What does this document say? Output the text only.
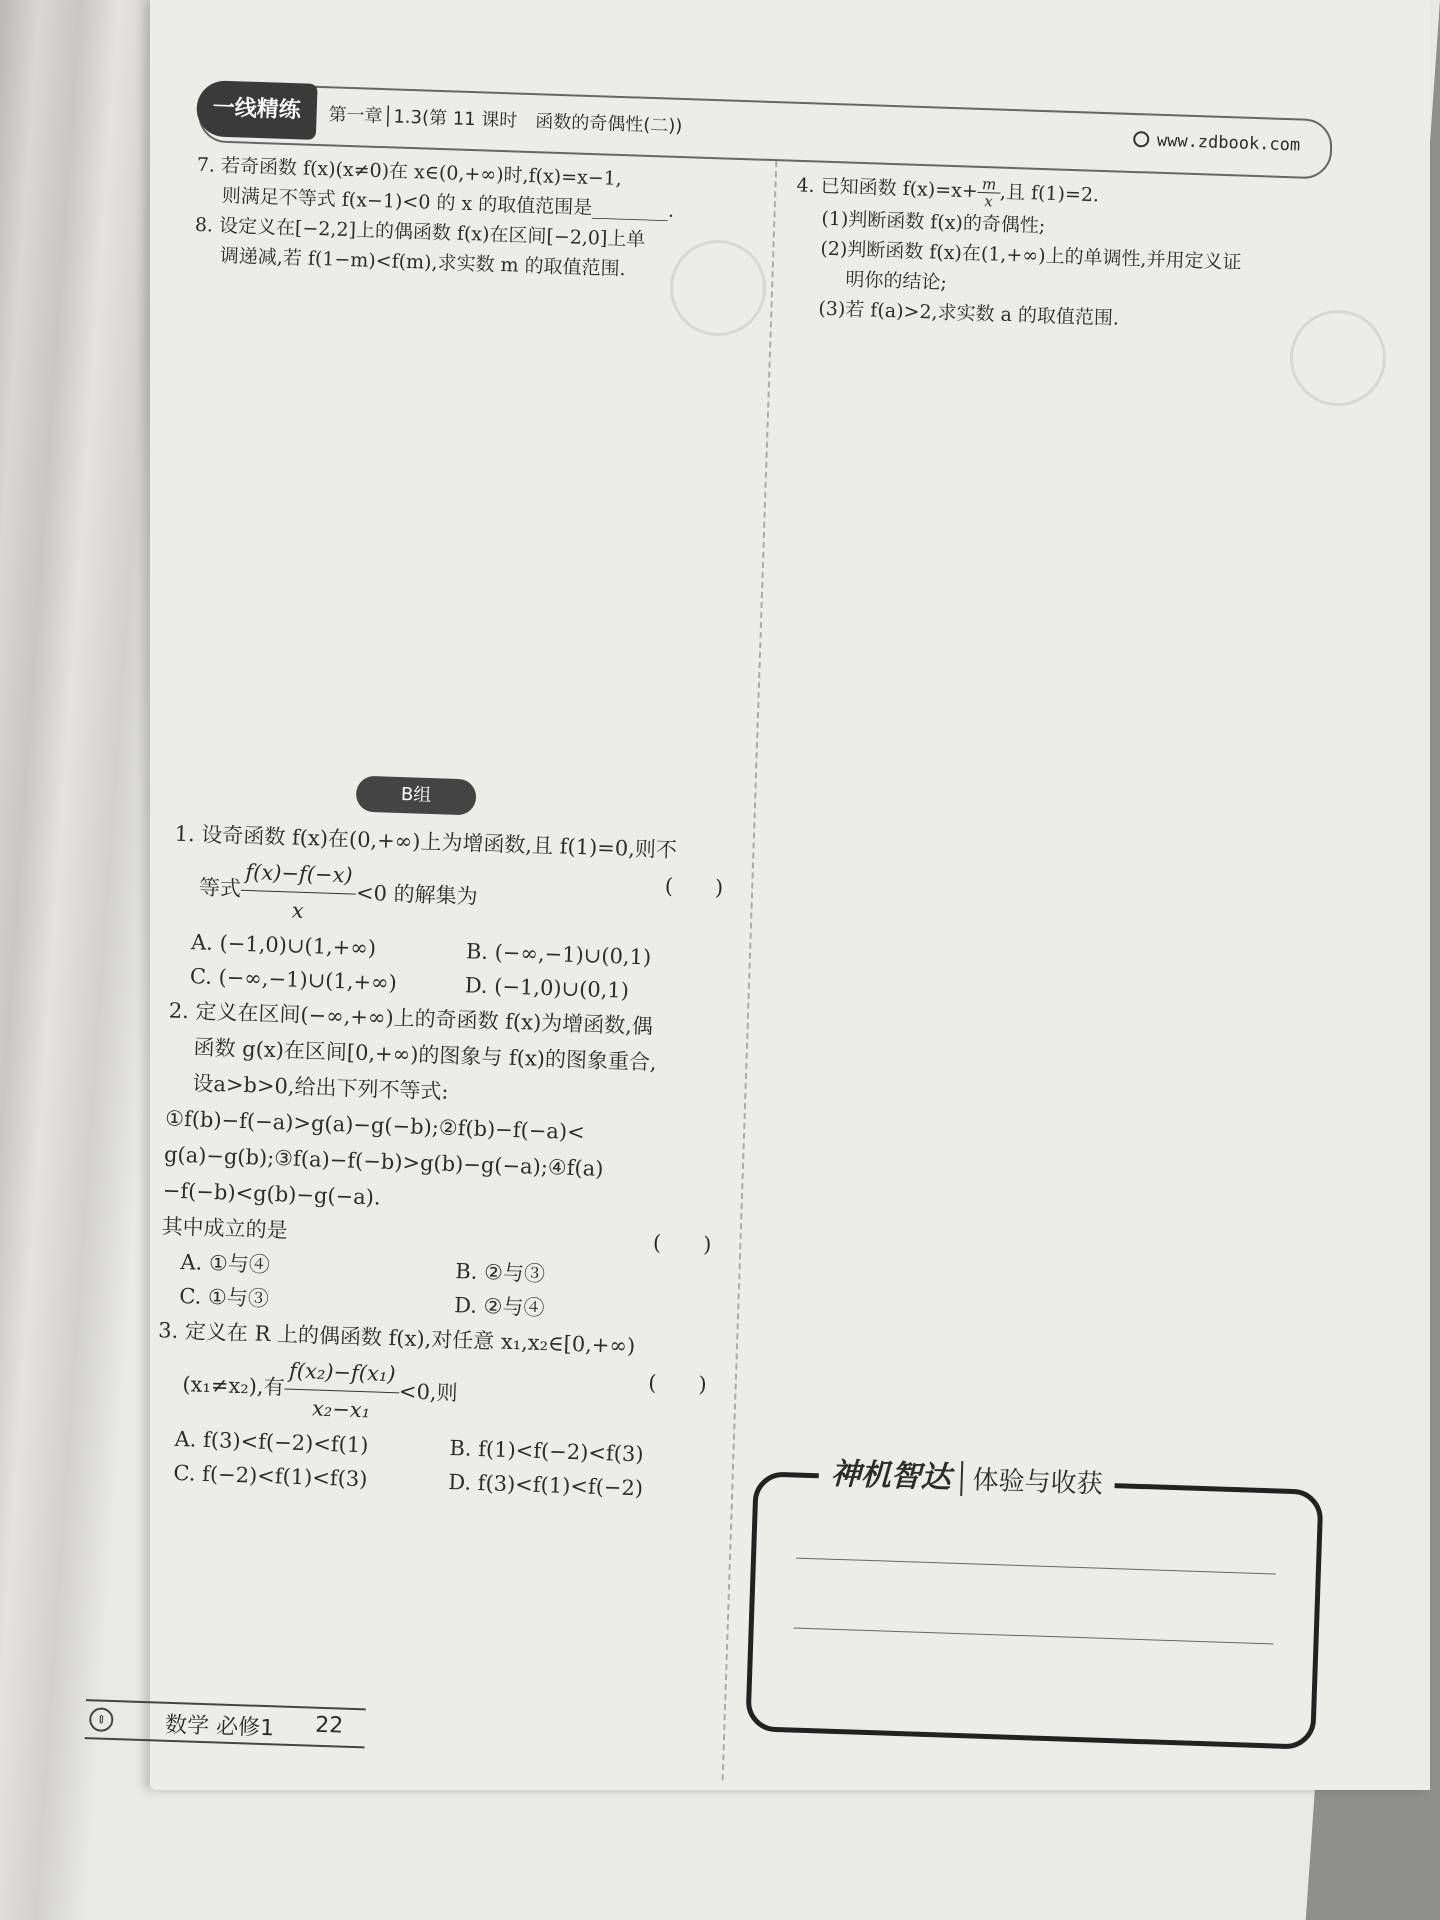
一线精练	第一章│1.3(第 11 课时　函数的奇偶性(二))
www.zdbook.com

7. 若奇函数 f(x)(x≠0)在 x∈(0,+∞)时,f(x)=x−1,

则满足不等式 f(x−1)<0 的 x 的取值范围是________.

8. 设定义在[−2,2]上的偶函数 f(x)在区间[−2,0]上单

调递减,若 f(1−m)<f(m),求实数 m 的取值范围.

B组

1. 设奇函数 f(x)在(0,+∞)上为增函数,且 f(1)=0,则不

等式
$\frac{f(x)-f(-x)}{x}$
<0 的解集为	(　　)

A. (−1,0)∪(1,+∞)	B. (−∞,−1)∪(0,1)
C. (−∞,−1)∪(1,+∞)	D. (−1,0)∪(0,1)

2. 定义在区间(−∞,+∞)上的奇函数 f(x)为增函数,偶

函数 g(x)在区间[0,+∞)的图象与 f(x)的图象重合,

设a>b>0,给出下列不等式:

①f(b)−f(−a)>g(a)−g(−b);②f(b)−f(−a)<

g(a)−g(b);③f(a)−f(−b)>g(b)−g(−a);④f(a)

−f(−b)<g(b)−g(−a).

其中成立的是
(　　)

A. ①与④	B. ②与③
C. ①与③	D. ②与④

3. 定义在 R 上的偶函数 f(x),对任意 x₁,x₂∈[0,+∞)

(x₁≠x₂),有
$\frac{\text{f(x₂)−f(x₁)}}{\text{x₂−x₁}}$
<0,则	(　　)

A. f(3)<f(−2)<f(1)	B. f(1)<f(−2)<f(3)
C. f(−2)<f(1)<f(3)	D. f(3)<f(1)<f(−2)

4. 已知函数 $f(x)=x+ \frac{m}{x}$ ,且 f(1)=2.

(1)判断函数 f(x)的奇偶性;

(2)判断函数 f(x)在(1,+∞)上的单调性,并用定义证

明你的结论;

(3)若 f(a)>2,求实数 a 的取值范围.

神机智达 体验与收获
⇕	数学 必修1 22
